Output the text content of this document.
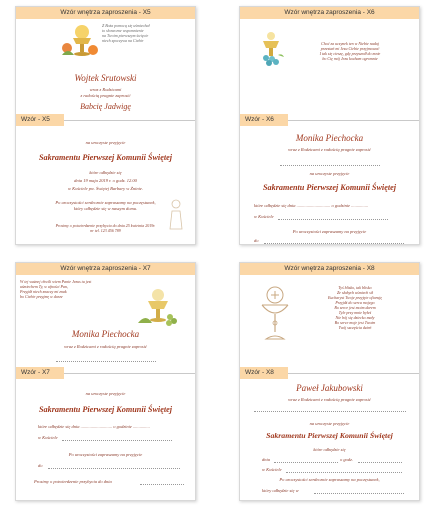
Wzór wnętrza zaproszenia - X5
Z Boża pomocą się uśmiechał
to słoneczne wspomnienie
na Twoim pierwszym święcie
niech spoczywa na Ciebie
Wojtek Srutowski
wraz z Rodzicami
z radością pragnie zaprosić
Babcię Jadwigę
Wzór - X5
na uroczyste przyjęcie
Sakramentu Pierwszej Komunii Świętej
które odbędzie się
dnia 19 maja 2019 r. o godz. 12.00
w Kościele pw. Świętej Barbary w Żninie.
Po uroczystości serdecznie zapraszamy na poczęstunek,
który odbędzie się w naszym domu.
Prosimy o potwierdzenie przybycia do dnia 25 kwietnia 2019r.
nr tel. 123 456 789
Wzór wnętrza zaproszenia - X6
Choć za uczynek ten w Niebie nadaj
przestań mi Jezu Ciebie przyjmować
I tak się cieszę, gdy przyszedł do mnie
bo Cię mój Jezu kocham ogromnie
Wzór - X6
Monika Piechocka
wraz z Rodzicami z radością pragnie zaprosić
na uroczyste przyjęcie
Sakramentu Pierwszej Komunii Świętej
które odbędzie się dnia .............................. o godzinie ...............
w Kościele
Po uroczystości zapraszamy na przyjęcie
do
Wzór wnętrza zaproszenia - X7
W tej ważnej chwili wiem Panie Jezus tu jest
uśmiechem Ty, w ufności Pan,
Przyjdź niech znaczy mi znak
bo Ciebie przyjmę w darze
Monika Piechocka
wraz z Rodzicami z radością pragnie zaprosić
Wzór - X7
na uroczyste przyjęcie
Sakramentu Pierwszej Komunii Świętej
które odbędzie się dnia ............................ o godzinie ...............
w Kościele
Po uroczystości zapraszamy na przyjęcie
do
Prosimy o potwierdzenie przybycia do dnia
Wzór wnętrza zaproszenia - X8
Tyś blisko, tak blisko
Ze słabych uśmiech sił
Eucharyst Twoje przyjęte ofiaruję
Przyjdź do serca mojego
Bo serce jest moim darem
Tyle przy mnie byłeś
Nie bój się dziecko mały
Bo serce moje jest Twoim
Twój szczęścia dzień
Wzór - X8
Paweł Jakubowski
wraz z Rodzicami z radością pragnie zaprosić
na uroczyste przyjęcie
Sakramentu Pierwszej Komunii Świętej
które odbędzie się
dnia	o godz.
w Kościele
Po uroczystości serdecznie zapraszamy na poczęstunek,
który odbędzie się w
